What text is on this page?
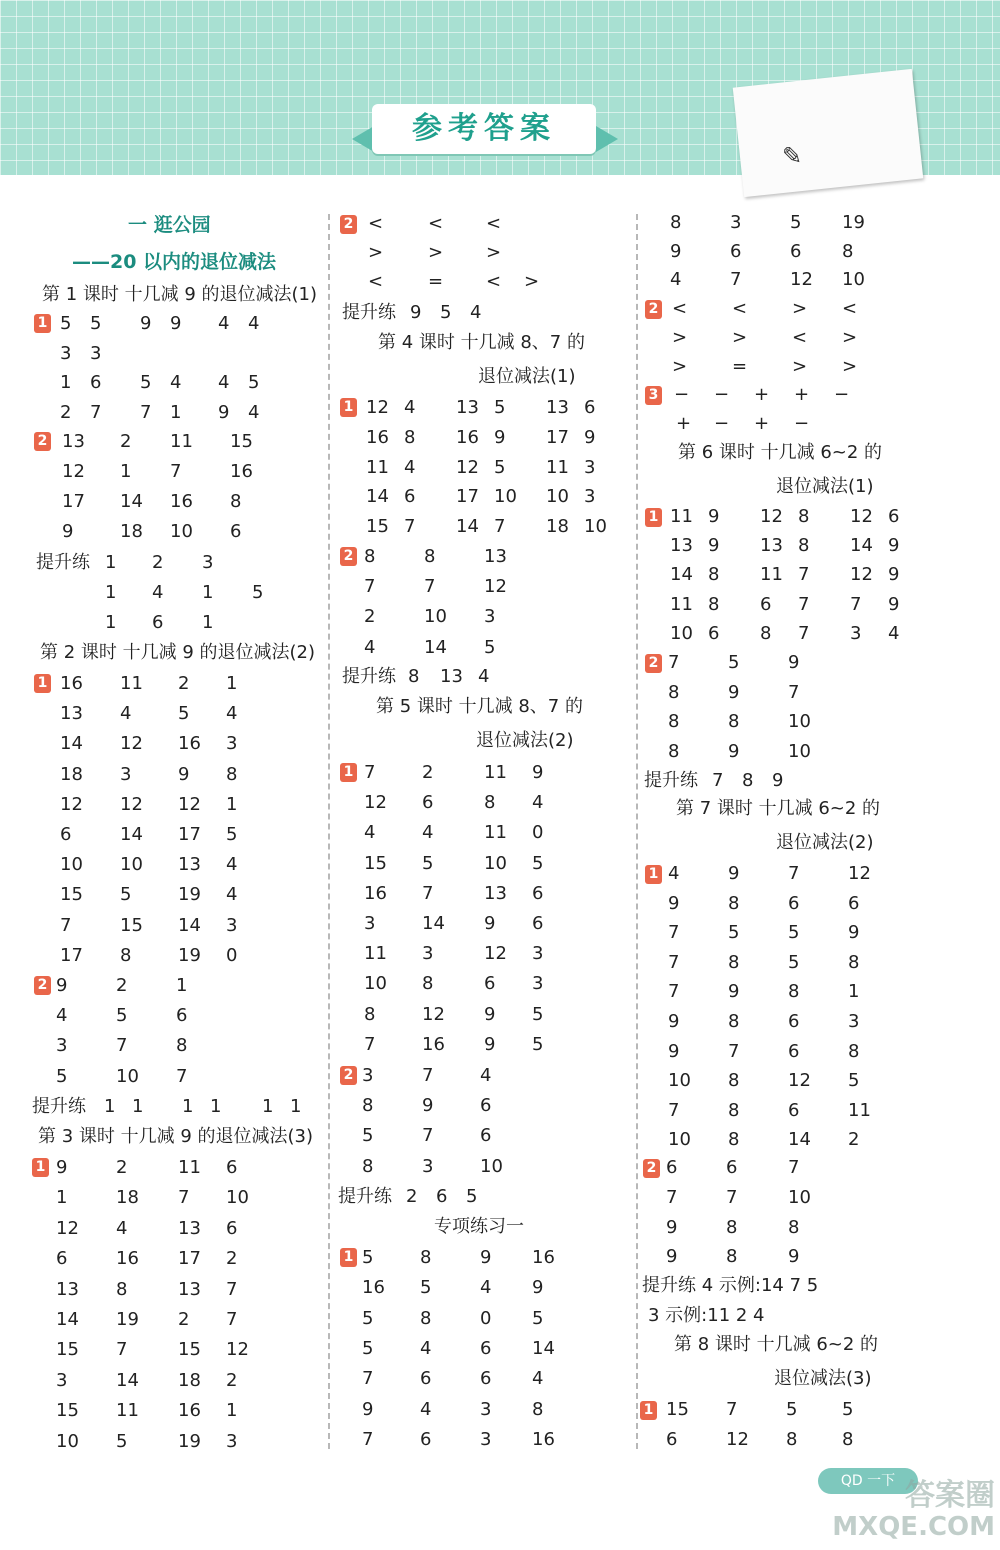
参考答案
✎
一 逛公园
——20 以内的退位减法
第 1 课时 十几减 9 的退位减法(1)
1 5 5 9 9 4 4
3 3
1 6 5 4 4 5
2 7 7 1 9 4
2 13 2 11 15
12 1 7	16
17 14 16 8
9	18 10 6
提升练 1 2 3
1 4 1 5
1 6 1
第 2 课时 十几减 9 的退位减法(2)
1 16 11 2 1
13 4	5 4
14 12 16 3
18 3	9 8
12 12 12 1
6	14 17 5
10 10 13 4
15 5	19 4
7	15 14 3
17 8	19 0
2 9	2	1
4	5	6
3	7	8
5	10 7
提升练 1 1 1 1 1 1
第 3 课时 十几减 9 的退位减法(3)
1 9	2	11 6
1	18 7 10
12 4	13 6
6	16 17 2
13 8	13 7
14 19 2 7
15 7	15 12
3	14 18 2
15 11 16 1
10 5	19 3
2 < < <
> > >
< = < >
提升练 9 5 4
第 4 课时 十几减 8、7 的
退位减法(1)
1 12 4 13 5 13 6
16 8 16 9 17 9
11 4 12 5 11 3
14 6 17 10 10 3
15 7 14 7 18 10
2 8	8	13
7	7	12
2	10 3
4	14 5
提升练 8 13 4
第 5 课时 十几减 8、7 的
退位减法(2)
1 7	2	11 9
12 6	8 4
4	4	11 0
15 5	10 5
16 7	13 6
3	14 9 6
11 3	12 3
10 8	6 3
8	12 9 5
7	16 9 5
2 3	7	4
8	9	6
5	7	6
8	3	10
提升练 2 6 5
专项练习一
1 5	8	9 16
16 5	4 9
5	8	0 5
5	4	6 14
7	6	6 4
9	4	3 8
7	6	3 16
8	3	5 19
9	6	6 8
4	7	12 10
2 < < > <
> > < >
> = > >
3 − − + + −
+ − + −
第 6 课时 十几减 6~2 的
退位减法(1)
1 11 9 12 8 12 6
13 9 13 8 14 9
14 8 11 7 12 9
11 8 6 7 7 9
10 6 8 7 3 4
2 7	5	9
8	9	7
8	8	10
8	9	10
提升练 7 8 9
第 7 课时 十几减 6~2 的
退位减法(2)
1 4	9	7	12
9	8	6	6
7	5	5	9
7	8	5	8
7	9	8	1
9	8	6	3
9	7	6	8
10 8	12 5
7	8	6	11
10 8	14 2
2 6	6	7
7	7	10
9	8	8
9	8	9
提升练 4 示例:14 7 5
3 示例:11 2 4
第 8 课时 十几减 6~2 的
退位减法(3)
1 15 7	5 5
6	12 8 8
QD 一下 答案圈
MXQE.COM
